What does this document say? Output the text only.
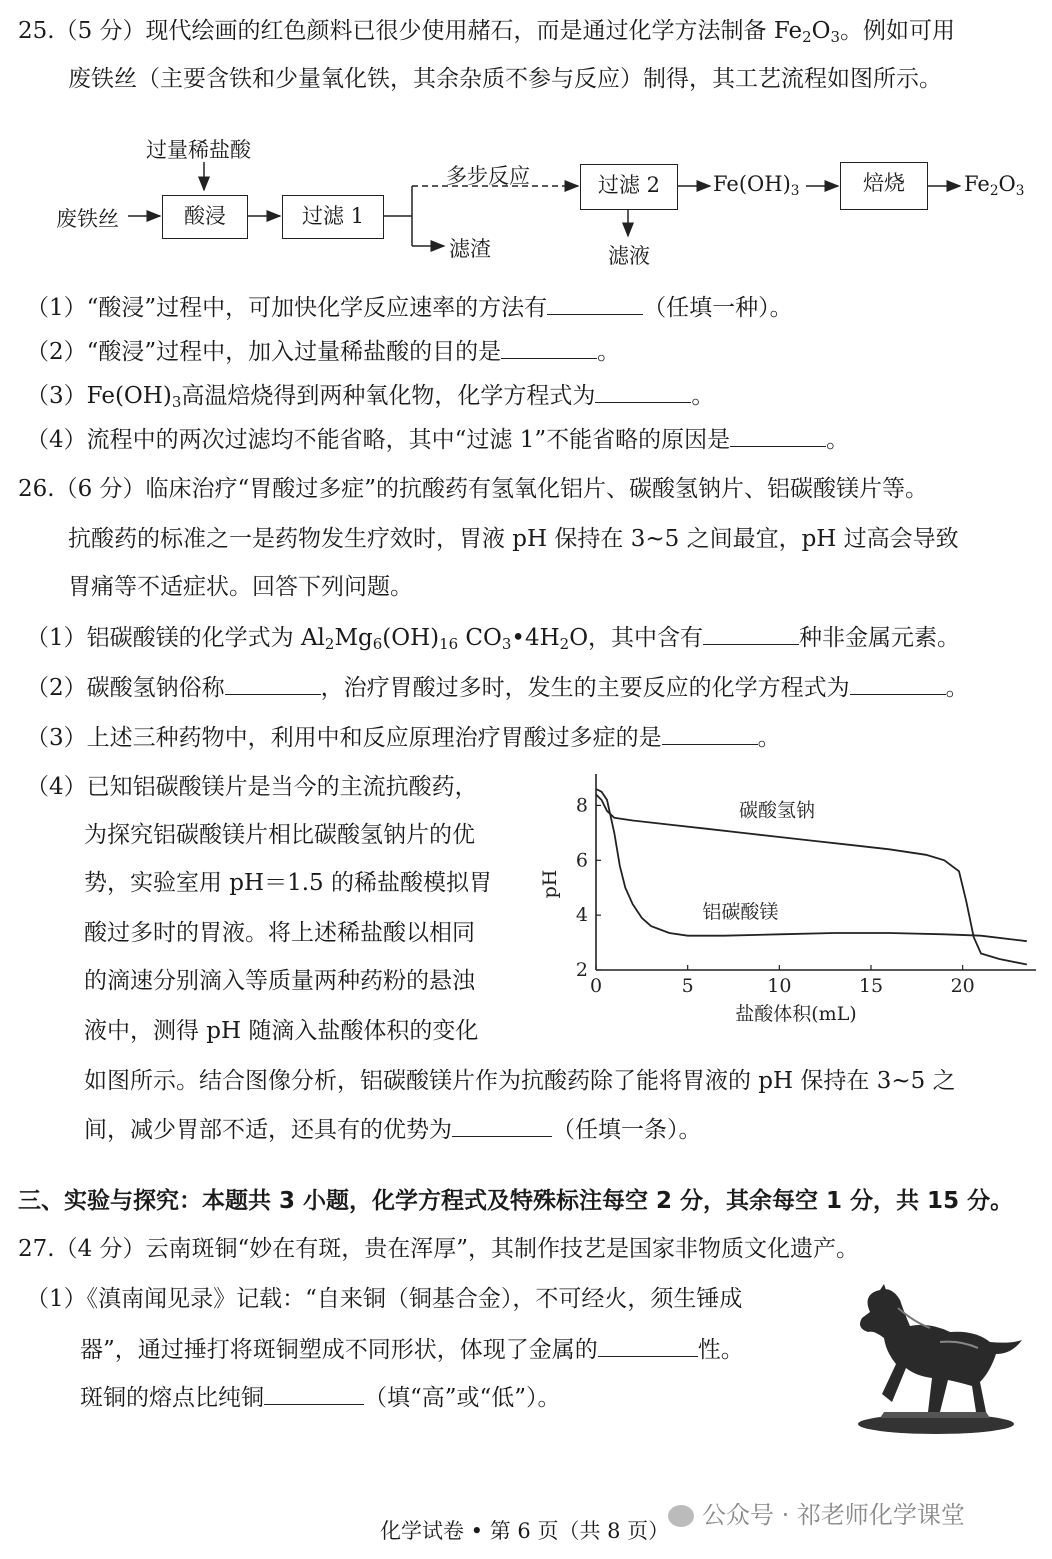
25.（5 分）现代绘画的红色颜料已很少使用赭石，而是通过化学方法制备 $Fe_2O_3$。例如可用
废铁丝（主要含铁和少量氧化铁，其余杂质不参与反应）制得，其工艺流程如图所示。
过量稀盐酸
废铁丝	酸浸	过滤 1
多步反应
滤渣
过滤 2
滤液
$Fe(OH)_3$	焙烧	$Fe_2O_3$
（1）“酸浸”过程中，可加快化学反应速率的方法有	（任填一种）。
（2）“酸浸”过程中，加入过量稀盐酸的目的是	。
$(3)Fe(OH)_3$高温焙烧得到两种氧化物，化学方程式为	。
（4）流程中的两次过滤均不能省略，其中“过滤 1”不能省略的原因是	。
26.（6 分）临床治疗“胃酸过多症”的抗酸药有氢氧化铝片、碳酸氢钠片、铝碳酸镁片等。
抗酸药的标准之一是药物发生疗效时，胃液 pH 保持在 3~5 之间最宜，pH 过高会导致
胃痛等不适症状。回答下列问题。
（1）铝碳酸镁的化学式为 $Al_2Mg_6(OH)_{16}$ $CO_3•4H_2O$，其中含有	种非金属元素。
（2）碳酸氢钠俗称	，治疗胃酸过多时，发生的主要反应的化学方程式为	。
（3）上述三种药物中，利用中和反应原理治疗胃酸过多症的是	。
（4）已知铝碳酸镁片是当今的主流抗酸药，
为探究铝碳酸镁片相比碳酸氢钠片的优
势，实验室用 pH＝1.5 的稀盐酸模拟胃
酸过多时的胃液。将上述稀盐酸以相同
的滴速分别滴入等质量两种药粉的悬浊
液中，测得 pH 随滴入盐酸体积的变化
如图所示。结合图像分析，铝碳酸镁片作为抗酸药除了能将胃液的 pH 保持在 3~5 之
间，减少胃部不适，还具有的优势为	（任填一条）。
0	5	10	15	20
2
4
6
8	碳酸氢钠
铝碳酸镁
盐酸体积(mL)
pH
三、实验与探究：本题共 3 小题，化学方程式及特殊标注每空 2 分，其余每空 1 分，共 15 分。
27.（4 分）云南斑铜“妙在有斑，贵在浑厚”，其制作技艺是国家非物质文化遗产。
（1）《滇南闻见录》记载：“自来铜（铜基合金），不可经火，须生锤成
器”，通过捶打将斑铜塑成不同形状，体现了金属的	性。
斑铜的熔点比纯铜	（填“高”或“低”）。
化学试卷 • 第 6 页（共 8 页）
公众号 · 祁老师化学课堂
